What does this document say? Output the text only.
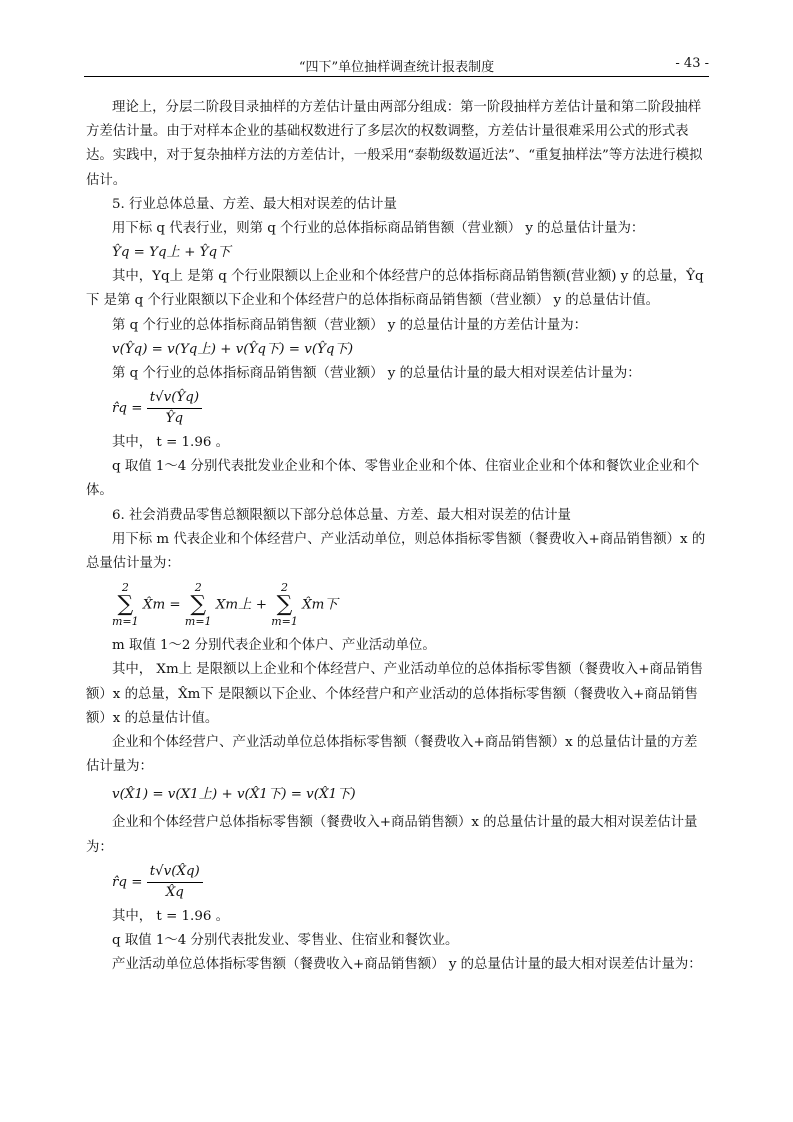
“四下”单位抽样调查统计报表制度	- 43 -

理论上，分层二阶段目录抽样的方差估计量由两部分组成：第一阶段抽样方差估计量和第二阶段抽样方差估计量。由于对样本企业的基础权数进行了多层次的权数调整，方差估计量很难采用公式的形式表达。实践中，对于复杂抽样方法的方差估计，一般采用“泰勒级数逼近法”、“重复抽样法”等方法进行模拟估计。

5. 行业总体总量、方差、最大相对误差的估计量

用下标 q 代表行业，则第 q 个行业的总体指标商品销售额（营业额） y 的总量估计量为：

Ŷq = Yq上 + Ŷq下

其中，Yq上 是第 q 个行业限额以上企业和个体经营户的总体指标商品销售额(营业额) y 的总量，Ŷq下 是第 q 个行业限额以下企业和个体经营户的总体指标商品销售额（营业额） y 的总量估计值。

第 q 个行业的总体指标商品销售额（营业额） y 的总量估计量的方差估计量为：

v(Ŷq) = v(Yq上) + v(Ŷq下) = v(Ŷq下)

第 q 个行业的总体指标商品销售额（营业额） y 的总量估计量的最大相对误差估计量为：

r̂q = $\frac{t√v(Ŷq)}{Ŷq}$

其中， t = 1.96 。

q 取值 1～4 分别代表批发业企业和个体、零售业企业和个体、住宿业企业和个体和餐饮业企业和个体。

6. 社会消费品零售总额限额以下部分总体总量、方差、最大相对误差的估计量

用下标 m 代表企业和个体经营户、产业活动单位，则总体指标零售额（餐费收入+商品销售额）x 的总量估计量为：

2
∑
m=1 X̂m = 2
∑
m=1 Xm上 + 2
∑
m=1 X̂m下

m 取值 1～2 分别代表企业和个体户、产业活动单位。

其中， Xm上 是限额以上企业和个体经营户、产业活动单位的总体指标零售额（餐费收入+商品销售额）x 的总量，X̂m下 是限额以下企业、个体经营户和产业活动的总体指标零售额（餐费收入+商品销售额）x 的总量估计值。

企业和个体经营户、产业活动单位总体指标零售额（餐费收入+商品销售额）x 的总量估计量的方差估计量为：

v(X̂1) = v(X1上) + v(X̂1下) = v(X̂1下)

企业和个体经营户总体指标零售额（餐费收入+商品销售额）x 的总量估计量的最大相对误差估计量为：

r̂q = $\frac{t√v(X̂q)}{X̂q}$

其中， t = 1.96 。

q 取值 1～4 分别代表批发业、零售业、住宿业和餐饮业。

产业活动单位总体指标零售额（餐费收入+商品销售额） y 的总量估计量的最大相对误差估计量为：
